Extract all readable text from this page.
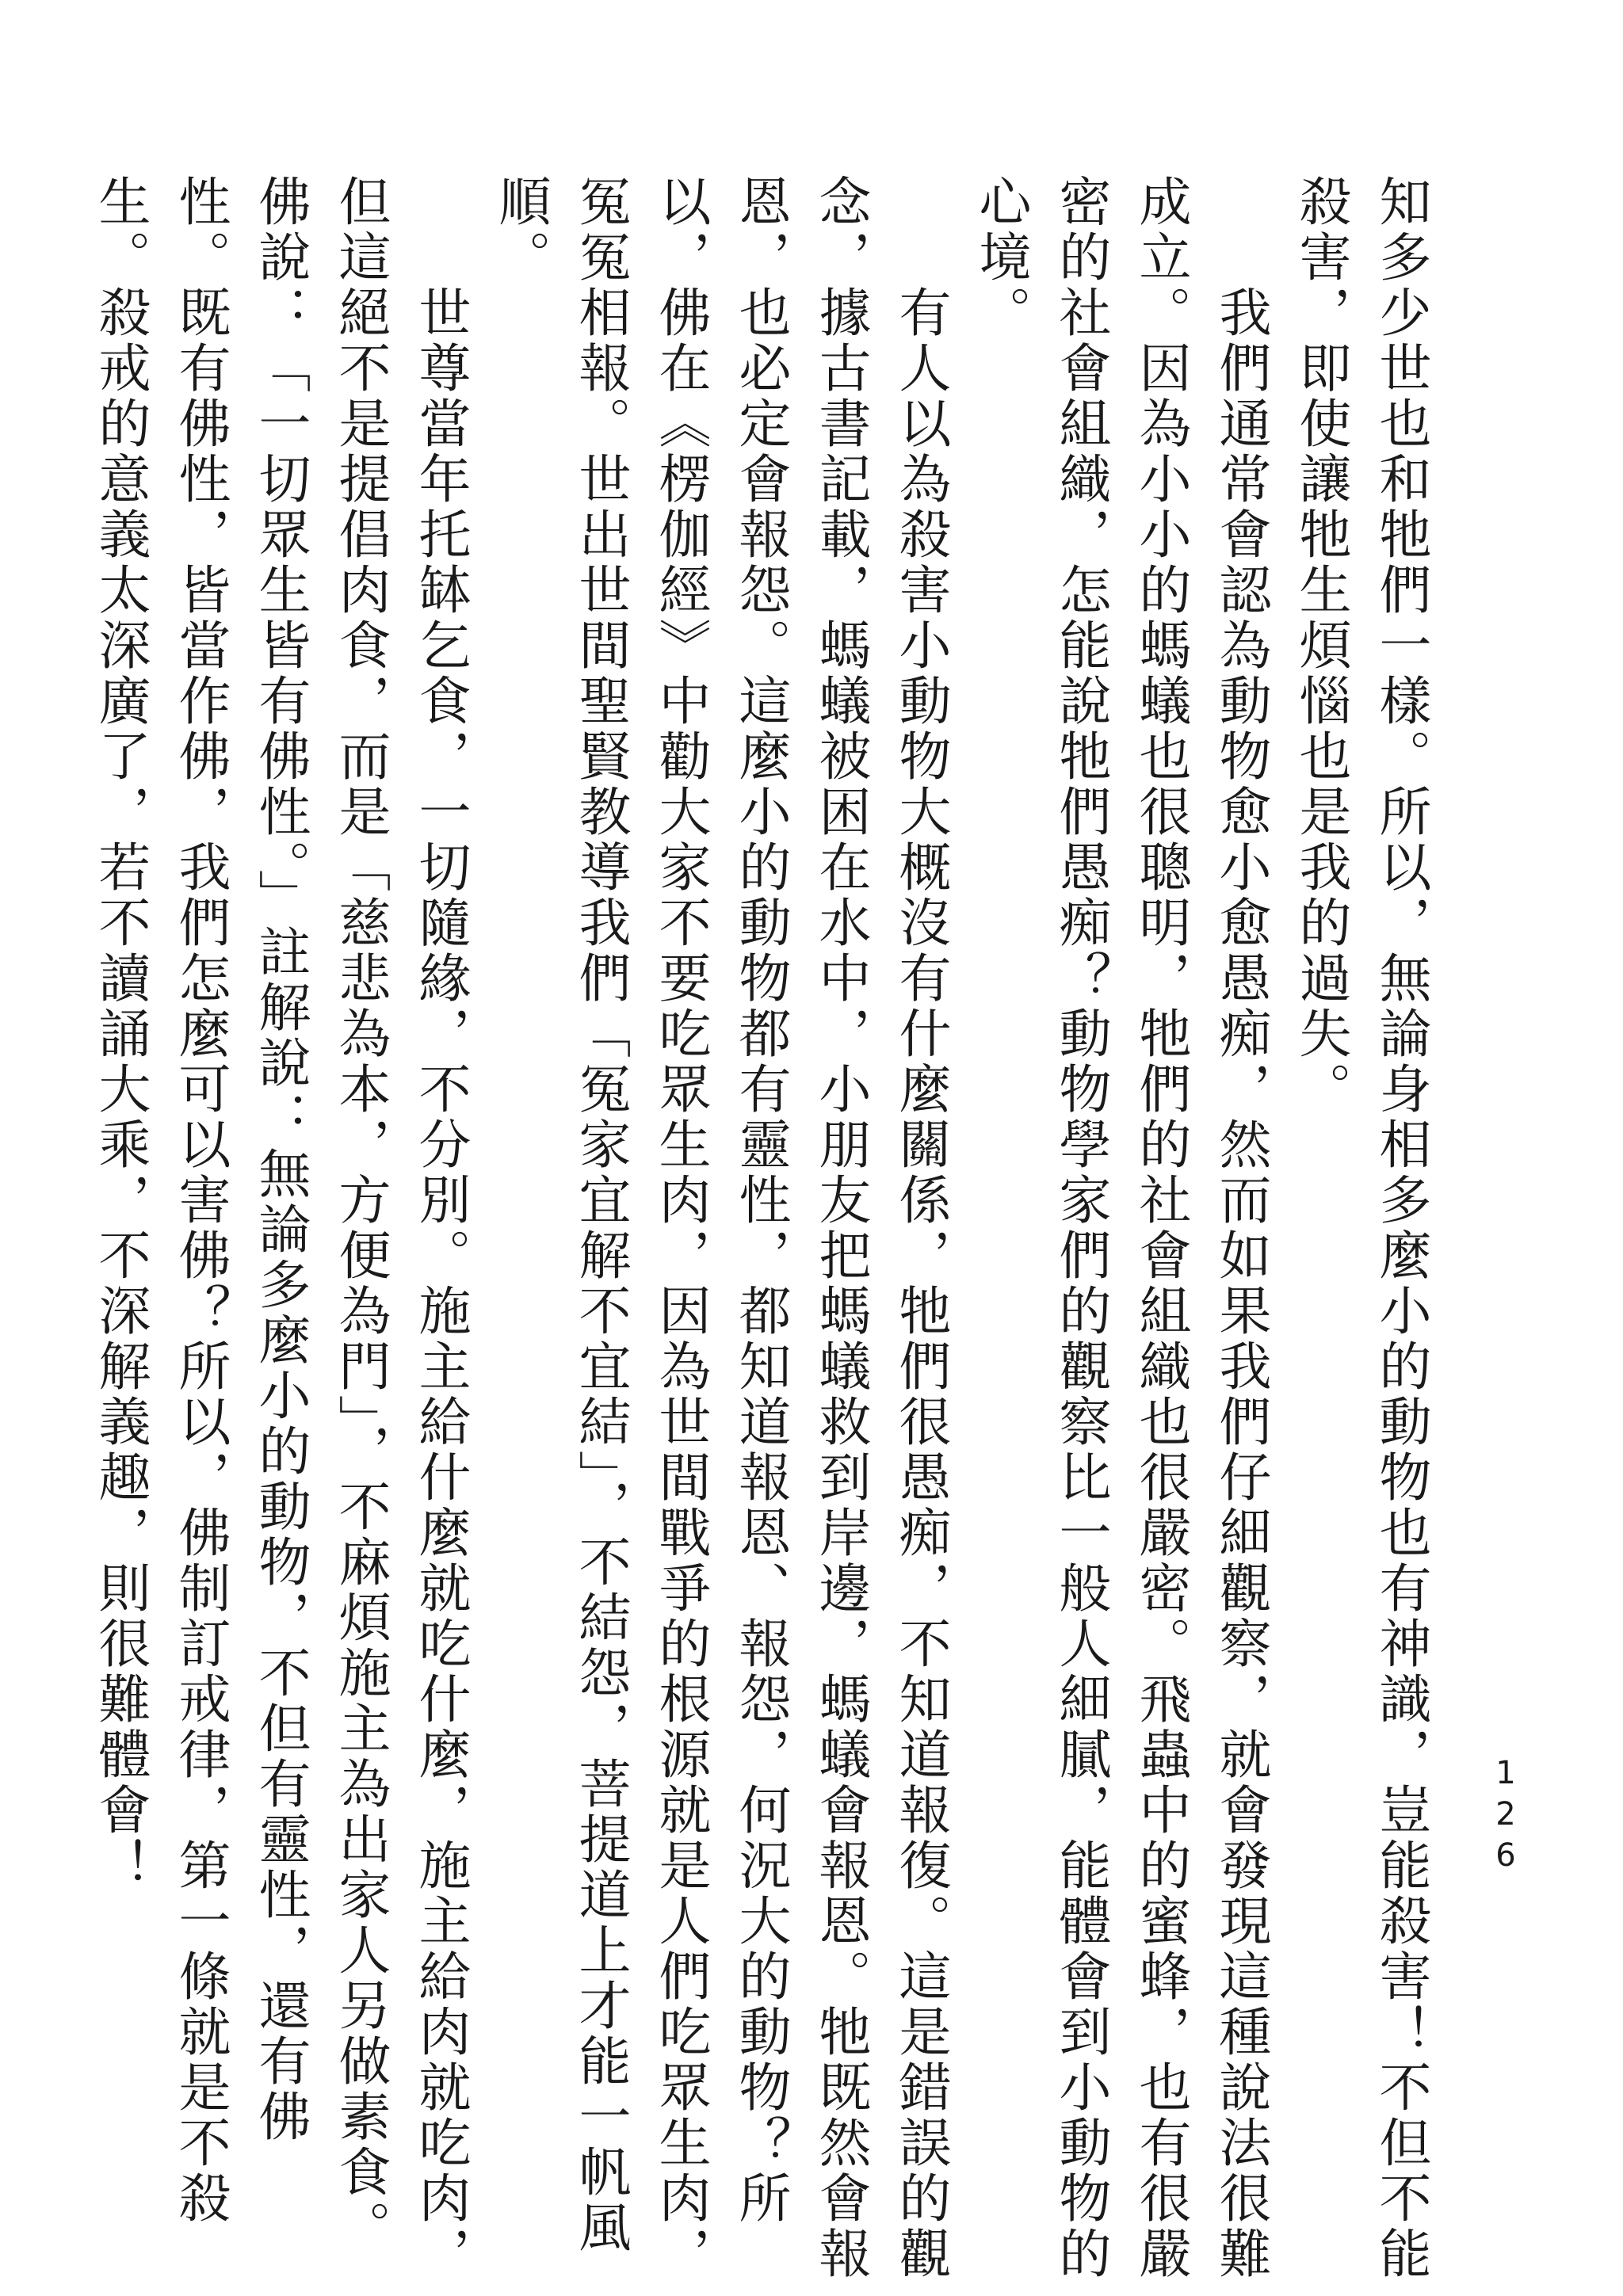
知多少世也和牠們一樣。所以，無論身相多麼小的動物也有神識，豈能殺害！不但不能

殺害，即使讓牠生煩惱也是我的過失。

　　我們通常會認為動物愈小愈愚痴，然而如果我們仔細觀察，就會發現這種說法很難

成立。因為小小的螞蟻也很聰明，牠們的社會組織也很嚴密。飛蟲中的蜜蜂，也有很嚴

密的社會組織，怎能說牠們愚痴？動物學家們的觀察比一般人細膩，能體會到小動物的

心境。

　　有人以為殺害小動物大概沒有什麼關係，牠們很愚痴，不知道報復。這是錯誤的觀

念，據古書記載，螞蟻被困在水中，小朋友把螞蟻救到岸邊，螞蟻會報恩。牠既然會報

恩，也必定會報怨。這麼小的動物都有靈性，都知道報恩、報怨，何況大的動物？所

以，佛在《楞伽經》中勸大家不要吃眾生肉，因為世間戰爭的根源就是人們吃眾生肉，

冤冤相報。世出世間聖賢教導我們「冤家宜解不宜結」，不結怨，菩提道上才能一帆風

順。

　　世尊當年托缽乞食，一切隨緣，不分別。施主給什麼就吃什麼，施主給肉就吃肉，

但這絕不是提倡肉食，而是「慈悲為本，方便為門」，不麻煩施主為出家人另做素食。

佛說：「一切眾生皆有佛性。」註解說：無論多麼小的動物，不但有靈性，還有佛

性。既有佛性，皆當作佛，我們怎麼可以害佛？所以，佛制訂戒律，第一條就是不殺

生。殺戒的意義太深廣了，若不讀誦大乘，不深解義趣，則很難體會！	126
